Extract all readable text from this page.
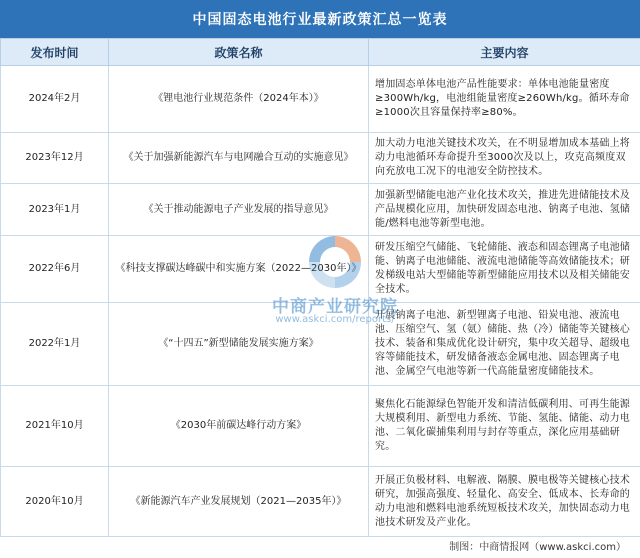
中国固态电池行业最新政策汇总一览表
发布时间	政策名称	主要内容
2024年2月	《锂电池行业规范条件（2024年本）》	增加固态单体电池产品性能要求：单体电池能量密度≥300Wh/kg，电池组能量密度≥260Wh/kg。循环寿命≥1000次且容量保持率≥80%。
2023年12月	《关于加强新能源汽车与电网融合互动的实施意见》	加大动力电池关键技术攻关，在不明显增加成本基础上将动力电池循环寿命提升至3000次及以上，攻克高频度双向充放电工况下的电池安全防控技术。
2023年1月	《关于推动能源电子产业发展的指导意见》	加强新型储能电池产业化技术攻关，推进先进储能技术及产品规模化应用，加快研发固态电池、钠离子电池、氢储能/燃料电池等新型电池。
2022年6月	《科技支撑碳达峰碳中和实施方案（2022—2030年）》	研发压缩空气储能、飞轮储能、液态和固态锂离子电池储能、钠离子电池储能、液流电池储能等高效储能技术；研发梯级电站大型储能等新型储能应用技术以及相关储能安全技术。
2022年1月	《“十四五”新型储能发展实施方案》	开展钠离子电池、新型锂离子电池、铅炭电池、液流电池、压缩空气、氢（氨）储能、热（冷）储能等关键核心技术、装备和集成优化设计研究，集中攻关超导、超级电容等储能技术，研发储备液态金属电池、固态锂离子电池、金属空气电池等新一代高能量密度储能技术。
2021年10月	《2030年前碳达峰行动方案》	聚焦化石能源绿色智能开发和清洁低碳利用、可再生能源大规模利用、新型电力系统、节能、氢能、储能、动力电池、二氧化碳捕集利用与封存等重点，深化应用基础研究。
2020年10月	《新能源汽车产业发展规划（2021—2035年）》	开展正负极材料、电解液、隔膜、膜电极等关键核心技术研究，加强高强度、轻量化、高安全、低成本、长寿命的动力电池和燃料电池系统短板技术攻关，加快固态动力电池技术研发及产业化。
中商产业研究院
www.askci.com/reports/
制图：中商情报网（www.askci.com）
